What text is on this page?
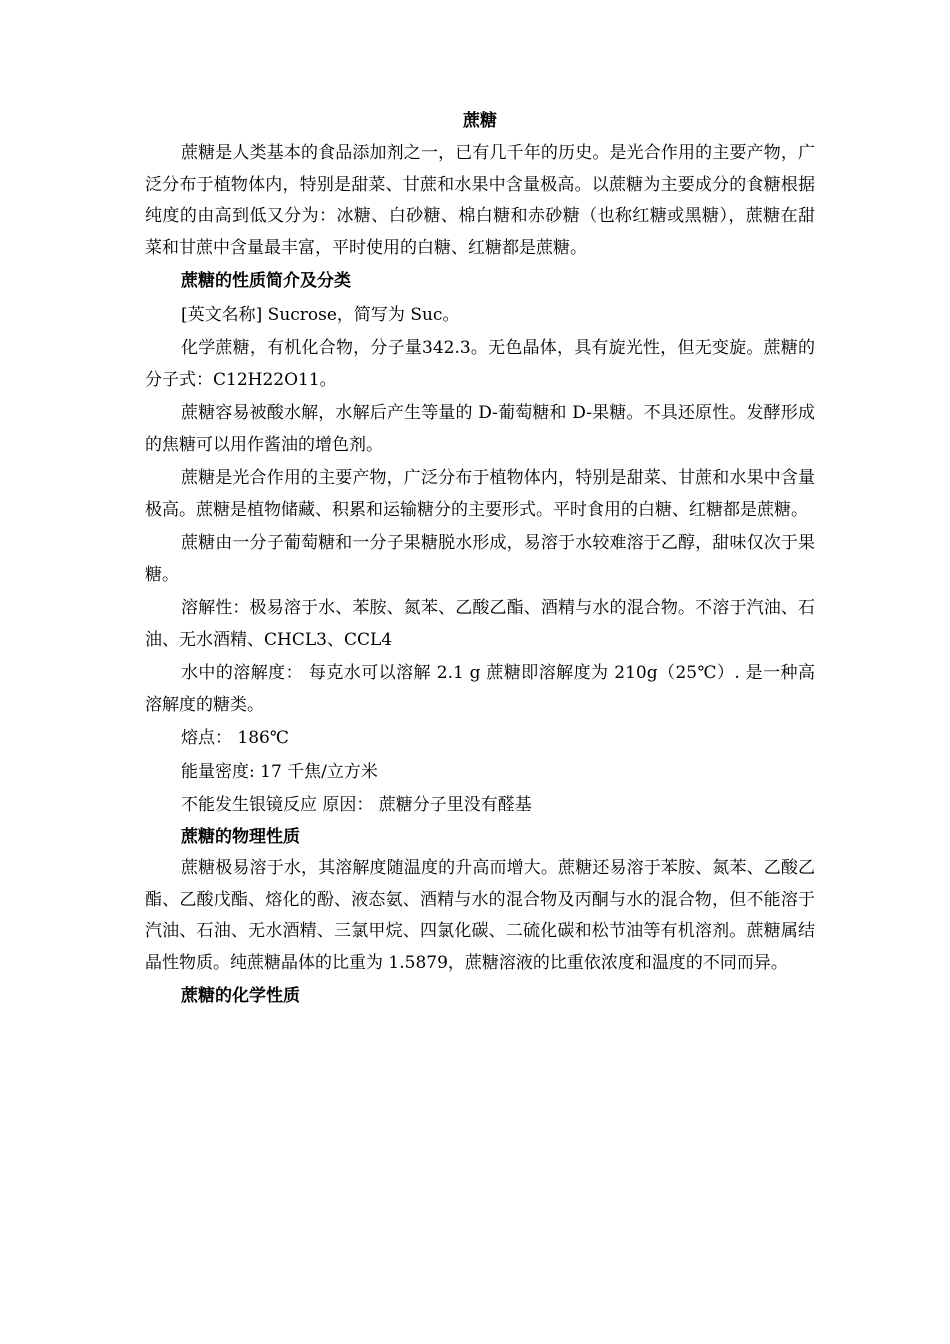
蔗糖

蔗糖是人类基本的食品添加剂之一，已有几千年的历史。是光合作用的主要产物，广泛分布于植物体内，特别是甜菜、甘蔗和水果中含量极高。以蔗糖为主要成分的食糖根据纯度的由高到低又分为：冰糖、白砂糖、棉白糖和赤砂糖（也称红糖或黑糖），蔗糖在甜菜和甘蔗中含量最丰富，平时使用的白糖、红糖都是蔗糖。

蔗糖的性质简介及分类

[英文名称] Sucrose，简写为 Suc。

化学蔗糖，有机化合物，分子量342.3。无色晶体，具有旋光性，但无变旋。蔗糖的分子式：C12H22O11。

蔗糖容易被酸水解，水解后产生等量的 D-葡萄糖和 D-果糖。不具还原性。发酵形成的焦糖可以用作酱油的增色剂。

蔗糖是光合作用的主要产物，广泛分布于植物体内，特别是甜菜、甘蔗和水果中含量极高。蔗糖是植物储藏、积累和运输糖分的主要形式。平时食用的白糖、红糖都是蔗糖。

蔗糖由一分子葡萄糖和一分子果糖脱水形成，易溶于水较难溶于乙醇，甜味仅次于果糖。

溶解性：极易溶于水、苯胺、氮苯、乙酸乙酯、酒精与水的混合物。不溶于汽油、石油、无水酒精、CHCL3、CCL4

水中的溶解度： 每克水可以溶解 2.1 g 蔗糖即溶解度为 210g（25℃）. 是一种高溶解度的糖类。

熔点： 186℃

能量密度: 17 千焦/立方米

不能发生银镜反应 原因： 蔗糖分子里没有醛基

蔗糖的物理性质

蔗糖极易溶于水，其溶解度随温度的升高而增大。蔗糖还易溶于苯胺、氮苯、乙酸乙酯、乙酸戊酯、熔化的酚、液态氨、酒精与水的混合物及丙酮与水的混合物，但不能溶于汽油、石油、无水酒精、三氯甲烷、四氯化碳、二硫化碳和松节油等有机溶剂。蔗糖属结晶性物质。纯蔗糖晶体的比重为 1.5879，蔗糖溶液的比重依浓度和温度的不同而异。

蔗糖的化学性质
